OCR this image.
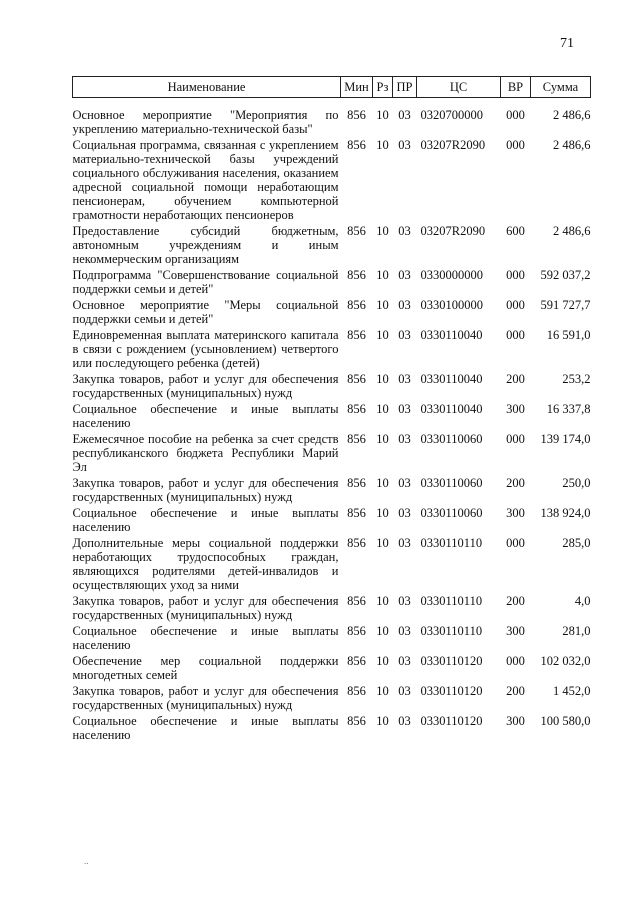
71
Наименование	Мин	Рз	ПР	ЦС	ВР	Сумма
Основное мероприятие "Мероприятия по укреплению материально-технической базы"	856	10	03	0320700000	000	2 486,6
Социальная программа, связанная с укреплением материально-технической базы учреждений социального обслуживания населения, оказанием адресной социальной помощи неработающим пенсионерам, обучением компьютерной грамотности неработающих пенсионеров	856	10	03	03207R2090	000	2 486,6
Предоставление субсидий бюджетным, автономным учреждениям и иным некоммерческим организациям	856	10	03	03207R2090	600	2 486,6
Подпрограмма "Совершенствование социальной поддержки семьи и детей"	856	10	03	0330000000	000	592 037,2
Основное мероприятие "Меры социальной поддержки семьи и детей"	856	10	03	0330100000	000	591 727,7
Единовременная выплата материнского капитала в связи с рождением (усыновлением) четвертого или последующего ребенка (детей)	856	10	03	0330110040	000	16 591,0
Закупка товаров, работ и услуг для обеспечения государственных (муниципальных) нужд	856	10	03	0330110040	200	253,2
Социальное обеспечение и иные выплаты населению	856	10	03	0330110040	300	16 337,8
Ежемесячное пособие на ребенка за счет средств республиканского бюджета Республики Марий Эл	856	10	03	0330110060	000	139 174,0
Закупка товаров, работ и услуг для обеспечения государственных (муниципальных) нужд	856	10	03	0330110060	200	250,0
Социальное обеспечение и иные выплаты населению	856	10	03	0330110060	300	138 924,0
Дополнительные меры социальной поддержки неработающих трудоспособных граждан, являющихся родителями детей-инвалидов и осуществляющих уход за ними	856	10	03	0330110110	000	285,0
Закупка товаров, работ и услуг для обеспечения государственных (муниципальных) нужд	856	10	03	0330110110	200	4,0
Социальное обеспечение и иные выплаты населению	856	10	03	0330110110	300	281,0
Обеспечение мер социальной поддержки многодетных семей	856	10	03	0330110120	000	102 032,0
Закупка товаров, работ и услуг для обеспечения государственных (муниципальных) нужд	856	10	03	0330110120	200	1 452,0
Социальное обеспечение и иные выплаты населению	856	10	03	0330110120	300	100 580,0
..
